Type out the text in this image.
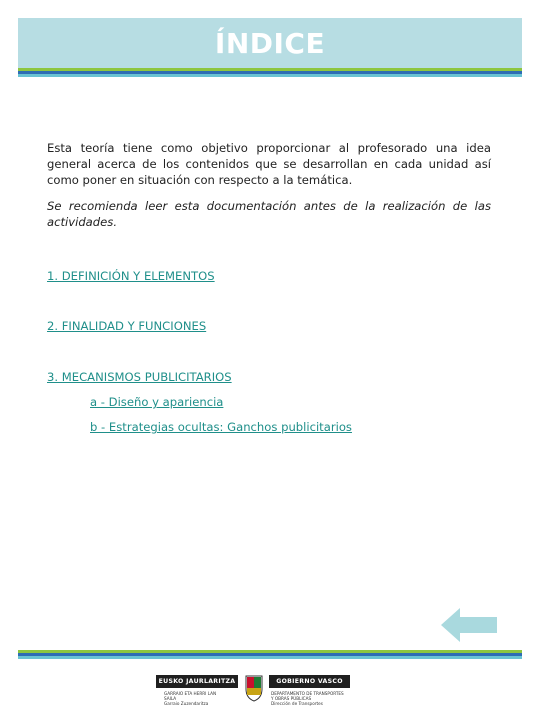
ÍNDICE

Esta teoría tiene como objetivo proporcionar al profesorado una idea general acerca de los contenidos que se desarrollan en cada unidad así como poner en situación con respecto a la temática.

Se recomienda leer esta documentación antes de la realización de las actividades.

1. DEFINICIÓN Y ELEMENTOS
2. FINALIDAD Y FUNCIONES
3. MECANISMOS PUBLICITARIOS
a - Diseño y apariencia
b - Estrategias ocultas: Ganchos publicitarios
EUSKO JAURLARITZA	GOBIERNO VASCO
GARRAIO ETA HERRI LAN
SAILA
Garraio Zuzendaritza
DEPARTAMENTO DE TRANSPORTES
Y OBRAS PÚBLICAS
Dirección de Transportes
